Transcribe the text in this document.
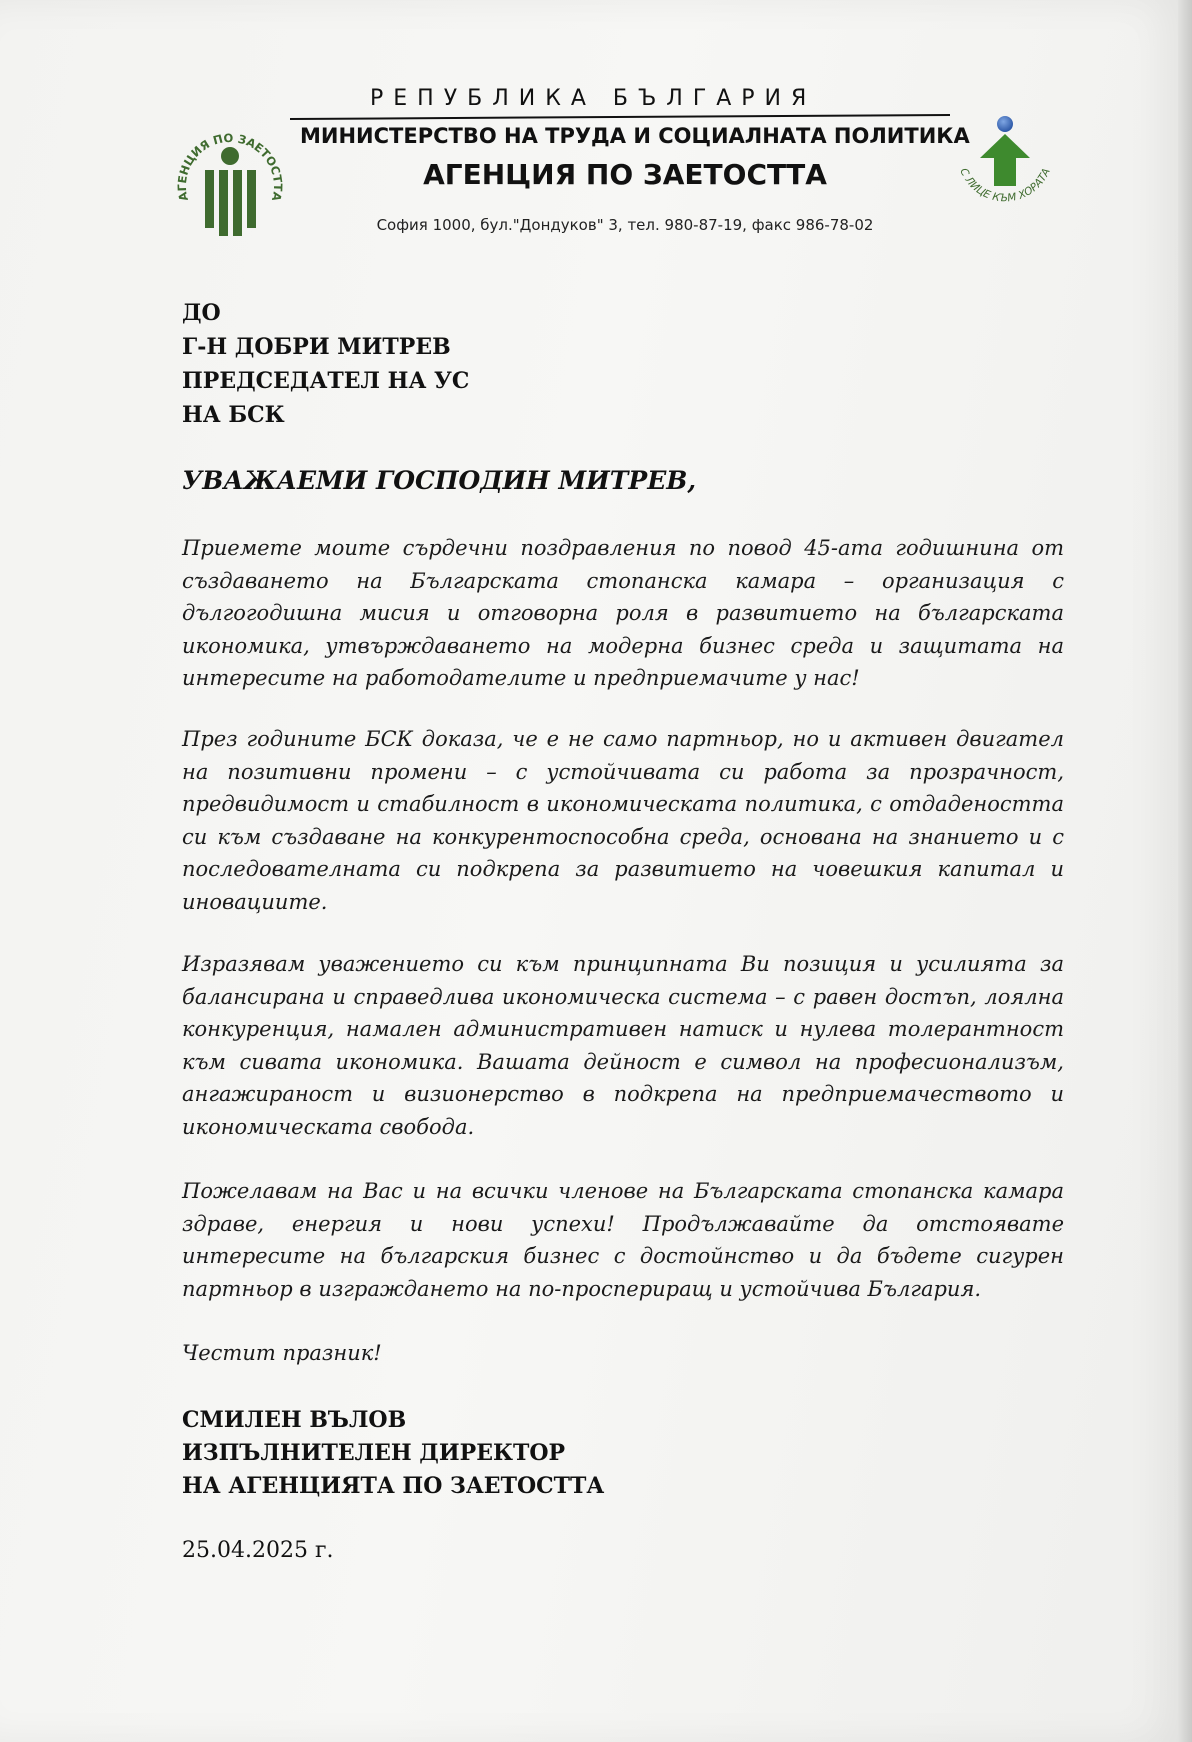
АГЕНЦИЯ ПО ЗАЕТОСТТА
РЕПУБЛИКА БЪЛГАРИЯ
МИНИСТЕРСТВО НА ТРУДА И СОЦИАЛНАТА ПОЛИТИКА
АГЕНЦИЯ ПО ЗАЕТОСТТА
София 1000, бул."Дондуков" 3, тел. 980-87-19, факс 986-78-02
С ЛИЦЕ КЪМ ХОРАТА
ДО
Г-Н ДОБРИ МИТРЕВ
ПРЕДСЕДАТЕЛ НА УС
НА БСК
УВАЖАЕМИ ГОСПОДИН МИТРЕВ,
Приемете моите сърдечни поздравления по повод 45-ата годишнина от създаването на Българската стопанска камара – организация с дългогодишна мисия и отговорна роля в развитието на българската икономика, утвърждаването на модерна бизнес среда и защитата на интересите на работодателите и предприемачите у нас!
През годините БСК доказа, че е не само партньор, но и активен двигател на позитивни промени – с устойчивата си работа за прозрачност, предвидимост и стабилност в икономическата политика, с отдадеността си към създаване на конкурентоспособна среда, основана на знанието и с последователната си подкрепа за развитието на човешкия капитал и иновациите.
Изразявам уважението си към принципната Ви позиция и усилията за балансирана и справедлива икономическа система – с равен достъп, лоялна конкуренция, намален административен натиск и нулева толерантност към сивата икономика. Вашата дейност е символ на професионализъм, ангажираност и визионерство в подкрепа на предприемачеството и икономическата свобода.
Пожелавам на Вас и на всички членове на Българската стопанска камара здраве, енергия и нови успехи! Продължавайте да отстоявате интересите на българския бизнес с достойнство и да бъдете сигурен партньор в изграждането на по-проспериращ и устойчива България.
Честит празник!
СМИЛЕН ВЪЛОВ
ИЗПЪЛНИТЕЛЕН ДИРЕКТОР
НА АГЕНЦИЯТА ПО ЗАЕТОСТТА
25.04.2025 г.
